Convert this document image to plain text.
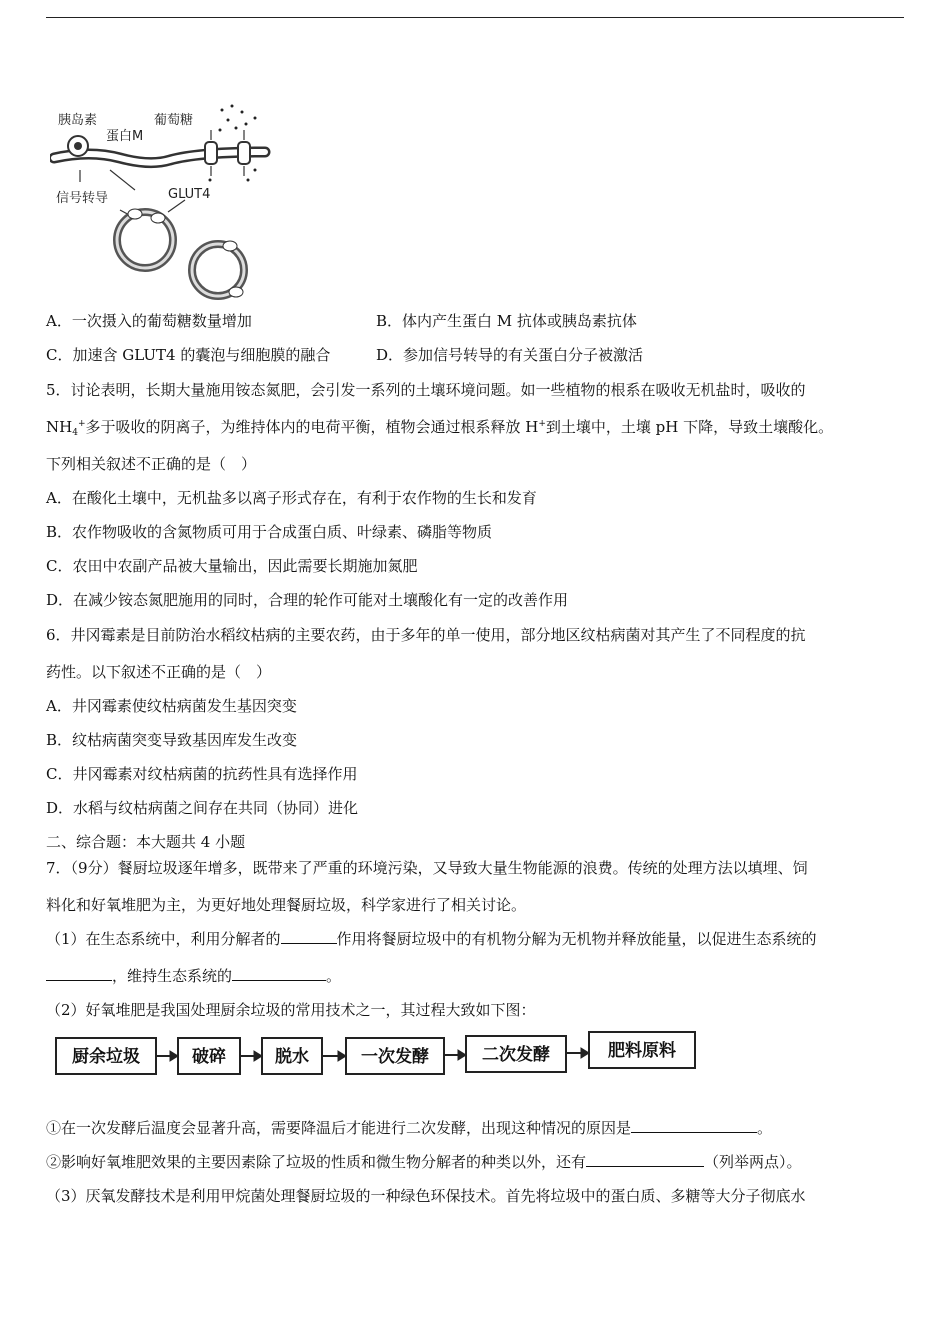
胰岛素
蛋白M
葡萄糖
信号转导	GLUT4
A．一次摄入的葡萄糖数量增加	B．体内产生蛋白 M 抗体或胰岛素抗体
C．加速含 GLUT4 的囊泡与细胞膜的融合	D．参加信号转导的有关蛋白分子被激活
5．讨论表明，长期大量施用铵态氮肥，会引发一系列的土壤环境问题。如一些植物的根系在吸收无机盐时，吸收的
$NH_4^+$多于吸收的阴离子，为维持体内的电荷平衡，植物会通过根系释放 H+到土壤中，土壤 pH 下降，导致土壤酸化。
下列相关叙述不正确的是（　）
A．在酸化土壤中，无机盐多以离子形式存在，有利于农作物的生长和发育
B．农作物吸收的含氮物质可用于合成蛋白质、叶绿素、磷脂等物质
C．农田中农副产品被大量输出，因此需要长期施加氮肥
D．在减少铵态氮肥施用的同时，合理的轮作可能对土壤酸化有一定的改善作用
6．井冈霉素是目前防治水稻纹枯病的主要农药，由于多年的单一使用，部分地区纹枯病菌对其产生了不同程度的抗
药性。以下叙述不正确的是（　）
A．井冈霉素使纹枯病菌发生基因突变
B．纹枯病菌突变导致基因库发生改变
C．井冈霉素对纹枯病菌的抗药性具有选择作用
D．水稻与纹枯病菌之间存在共同（协同）进化
二、综合题：本大题共 4 小题
7．（9分）餐厨垃圾逐年增多，既带来了严重的环境污染，又导致大量生物能源的浪费。传统的处理方法以填埋、饲
料化和好氧堆肥为主，为更好地处理餐厨垃圾，科学家进行了相关讨论。
（1）在生态系统中，利用分解者的	作用将餐厨垃圾中的有机物分解为无机物并释放能量，以促进生态系统的
，维持生态系统的	。
（2）好氧堆肥是我国处理厨余垃圾的常用技术之一，其过程大致如下图：
厨余垃圾	破碎	脱水	一次发酵	二次发酵	肥料原料
①在一次发酵后温度会显著升高，需要降温后才能进行二次发酵，出现这种情况的原因是	。
②影响好氧堆肥效果的主要因素除了垃圾的性质和微生物分解者的种类以外，还有	（列举两点）。
（3）厌氧发酵技术是利用甲烷菌处理餐厨垃圾的一种绿色环保技术。首先将垃圾中的蛋白质、多糖等大分子彻底水
